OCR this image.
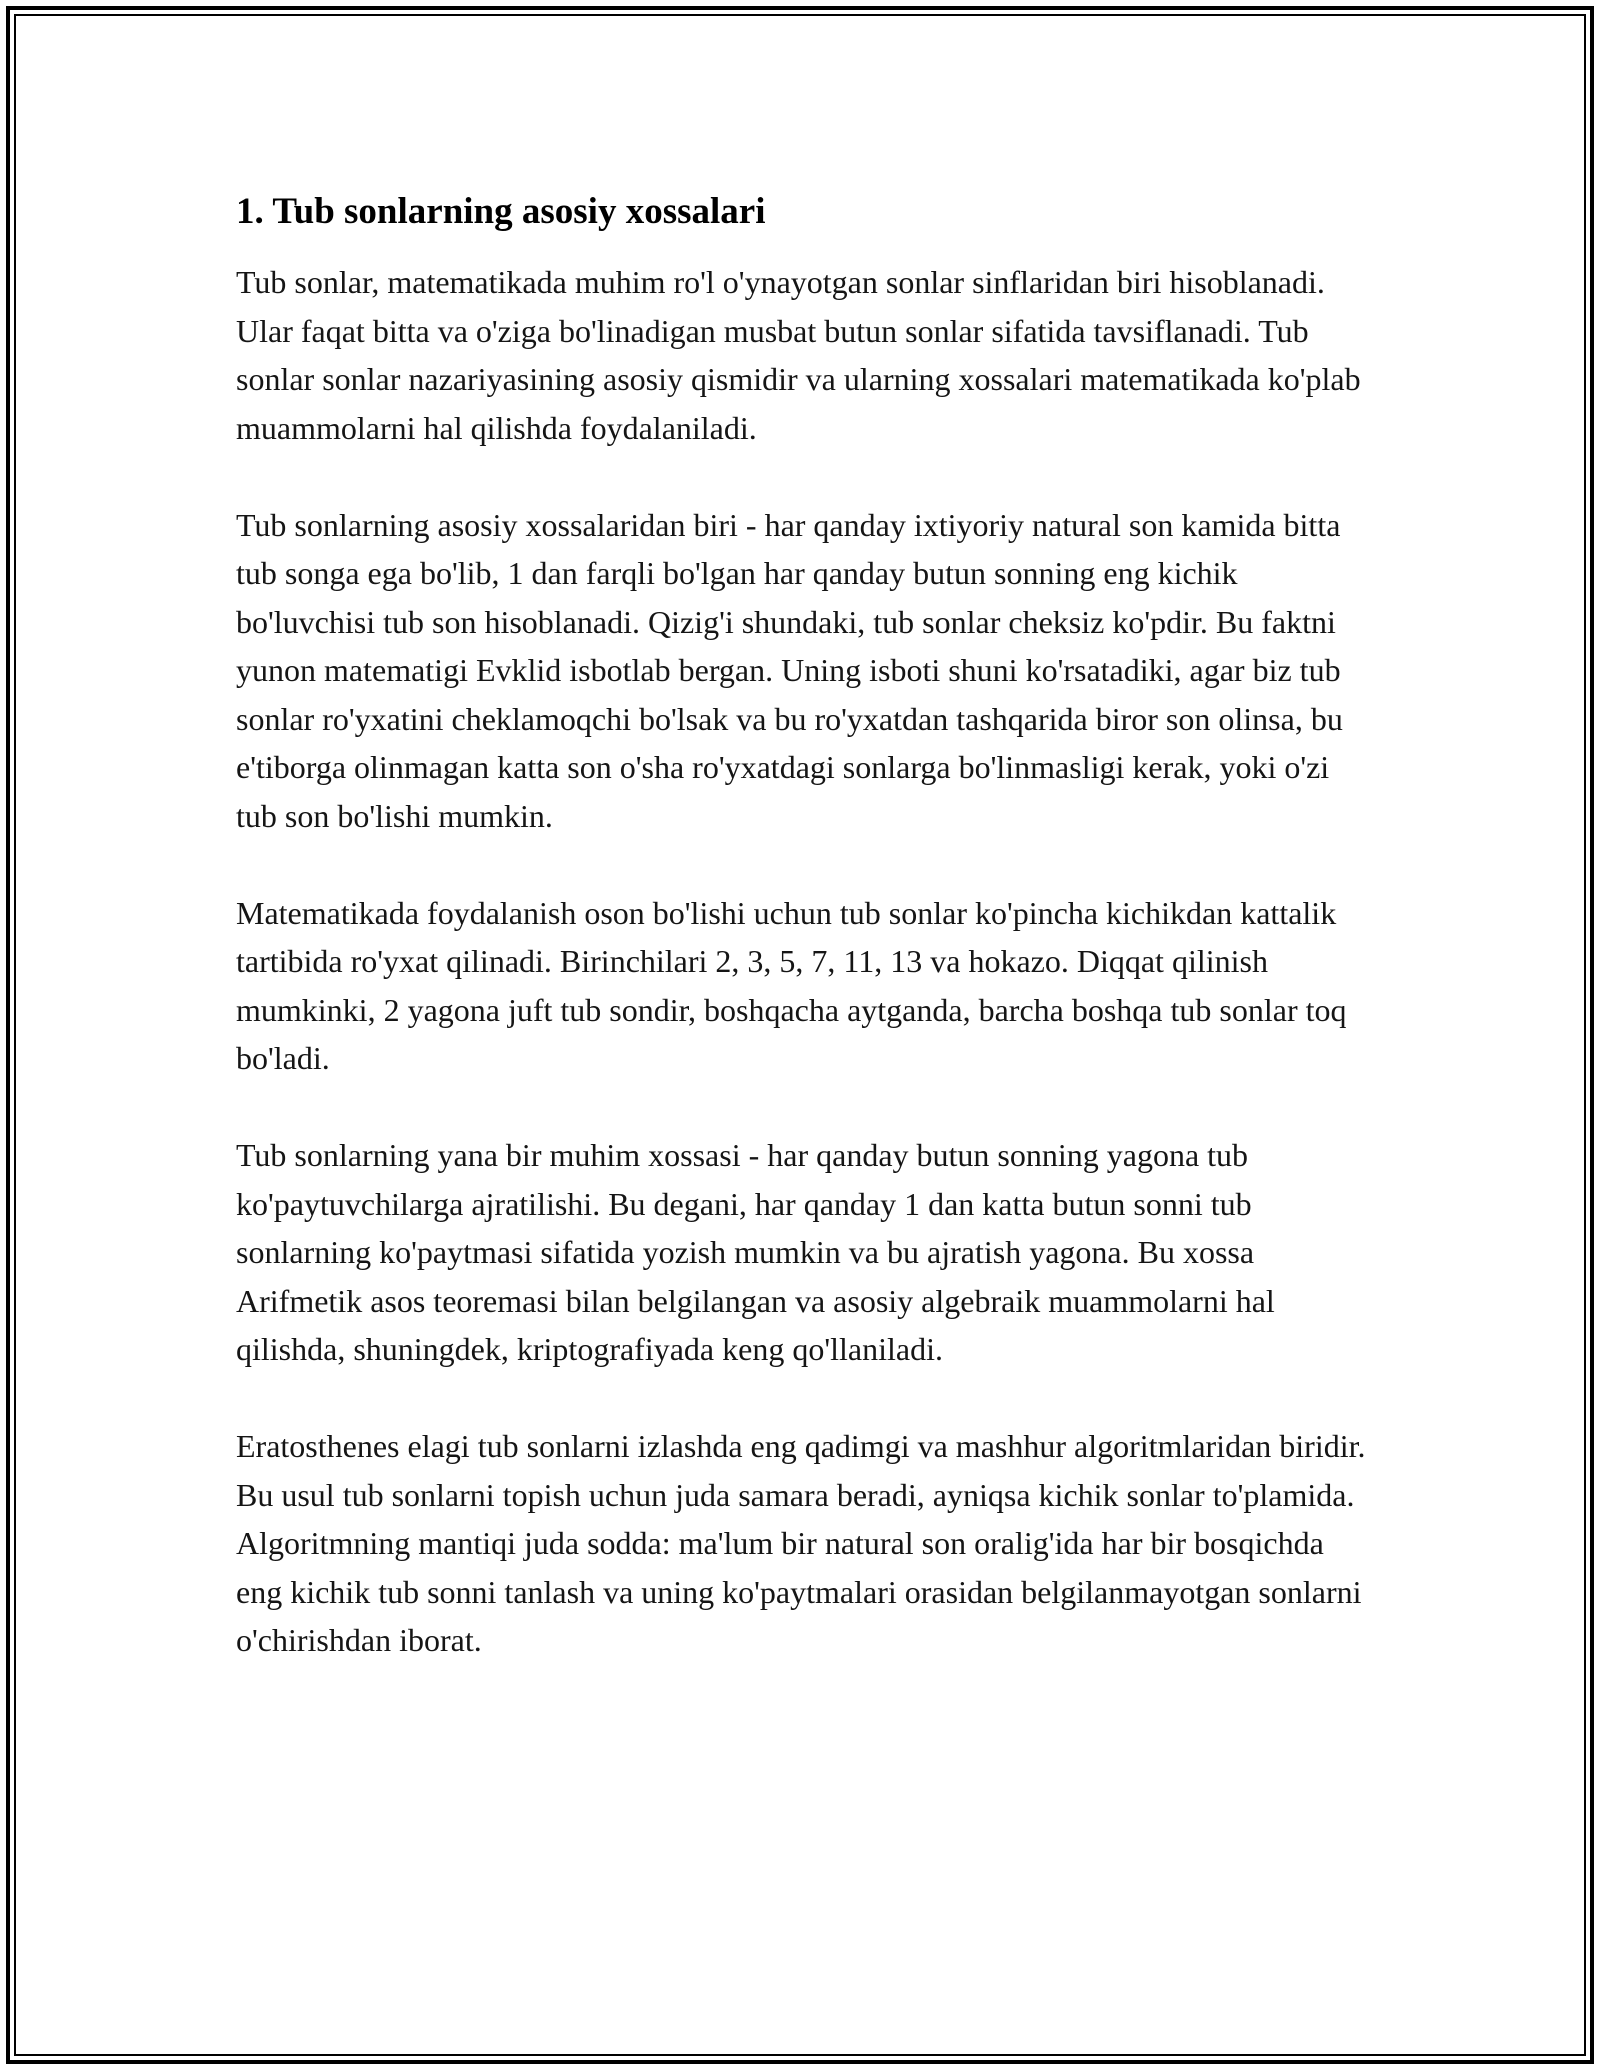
1. Tub sonlarning asosiy xossalari

Tub sonlar, matematikada muhim ro'l o'ynayotgan sonlar sinflaridan biri hisoblanadi. Ular faqat bitta va o'ziga bo'linadigan musbat butun sonlar sifatida tavsiflanadi. Tub sonlar sonlar nazariyasining asosiy qismidir va ularning xossalari matematikada ko'plab muammolarni hal qilishda foydalaniladi.

Tub sonlarning asosiy xossalaridan biri - har qanday ixtiyoriy natural son kamida bitta tub songa ega bo'lib, 1 dan farqli bo'lgan har qanday butun sonning eng kichik bo'luvchisi tub son hisoblanadi. Qizig'i shundaki, tub sonlar cheksiz ko'pdir. Bu faktni yunon matematigi Evklid isbotlab bergan. Uning isboti shuni ko'rsatadiki, agar biz tub sonlar ro'yxatini cheklamoqchi bo'lsak va bu ro'yxatdan tashqarida biror son olinsa, bu e'tiborga olinmagan katta son o'sha ro'yxatdagi sonlarga bo'linmasligi kerak, yoki o'zi tub son bo'lishi mumkin.

Matematikada foydalanish oson bo'lishi uchun tub sonlar ko'pincha kichikdan kattalik tartibida ro'yxat qilinadi. Birinchilari 2, 3, 5, 7, 11, 13 va hokazo. Diqqat qilinish mumkinki, 2 yagona juft tub sondir, boshqacha aytganda, barcha boshqa tub sonlar toq bo'ladi.

Tub sonlarning yana bir muhim xossasi - har qanday butun sonning yagona tub ko'paytuvchilarga ajratilishi. Bu degani, har qanday 1 dan katta butun sonni tub sonlarning ko'paytmasi sifatida yozish mumkin va bu ajratish yagona. Bu xossa Arifmetik asos teoremasi bilan belgilangan va asosiy algebraik muammolarni hal qilishda, shuningdek, kriptografiyada keng qo'llaniladi.

Eratosthenes elagi tub sonlarni izlashda eng qadimgi va mashhur algoritmlaridan biridir. Bu usul tub sonlarni topish uchun juda samara beradi, ayniqsa kichik sonlar to'plamida. Algoritmning mantiqi juda sodda: ma'lum bir natural son oralig'ida har bir bosqichda eng kichik tub sonni tanlash va uning ko'paytmalari orasidan belgilanmayotgan sonlarni o'chirishdan iborat.
